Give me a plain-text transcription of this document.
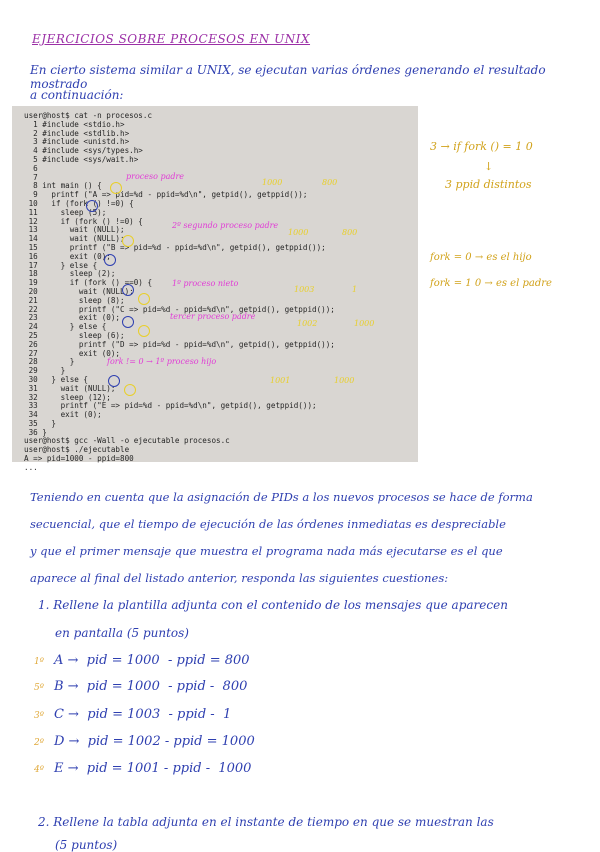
EJERCICIOS SOBRE PROCESOS EN UNIX
En cierto sistema similar a UNIX, se ejecutan varias órdenes generando el resultado mostrado
a continuación:
user@host$ cat -n procesos.c
1 #include <stdio.h>
2 #include <stdlib.h>
3 #include <unistd.h>
4 #include <sys/types.h>
5 #include <sys/wait.h>
6
7
8 int main () {
9   printf ("A => pid=%d - ppid=%d\n", getpid(), getppid());
10   if (fork () !=0) {
11     sleep (5);
12     if (fork () !=0) {
13       wait (NULL);
14       wait (NULL);
15       printf ("B => pid=%d - ppid=%d\n", getpid(), getppid());
16       exit (0);
17     } else {
18       sleep (2);
19       if (fork () ==0) {
20         wait (NULL);
21         sleep (8);
22         printf ("C => pid=%d - ppid=%d\n", getpid(), getppid());
23         exit (0);
24       } else {
25         sleep (6);
26         printf ("D => pid=%d - ppid=%d\n", getpid(), getppid());
27         exit (0);
28       }
29     }
30   } else {
31     wait (NULL);
32     sleep (12);
33     printf ("E => pid=%d - ppid=%d\n", getpid(), getppid());
34     exit (0);
35   }
36 }
user@host$ gcc -Wall -o ejecutable procesos.c
user@host$ ./ejecutable
A => pid=1000 - ppid=800
...
proceso padre
2º segundo proceso padre
1º proceso nieto
tercer proceso padre
fork != 0 → 1º proceso hijo
1000	800
1000	800
1003	1
1002	1000
1001	1000
3 → if fork () = 1 0
↓
3 ppid distintos
fork = 0 → es el hijo
fork = 1 0 → es el padre
Teniendo en cuenta que la asignación de PIDs a los nuevos procesos se hace de forma
secuencial, que el tiempo de ejecución de las órdenes inmediatas es despreciable
y que el primer mensaje que muestra el programa nada más ejecutarse es el que
aparece al final del listado anterior, responda las siguientes cuestiones:
1. Rellene la plantilla adjunta con el contenido de los mensajes que aparecen
en pantalla (5 puntos)
1º A →  pid = 1000  - ppid = 800
5º B →  pid = 1000  - ppid -  800
3º C →  pid = 1003  - ppid -  1
2º D →  pid = 1002 - ppid = 1000
4º E →  pid = 1001 - ppid -  1000
2. Rellene la tabla adjunta en el instante de tiempo en que se muestran las
(5 puntos)
